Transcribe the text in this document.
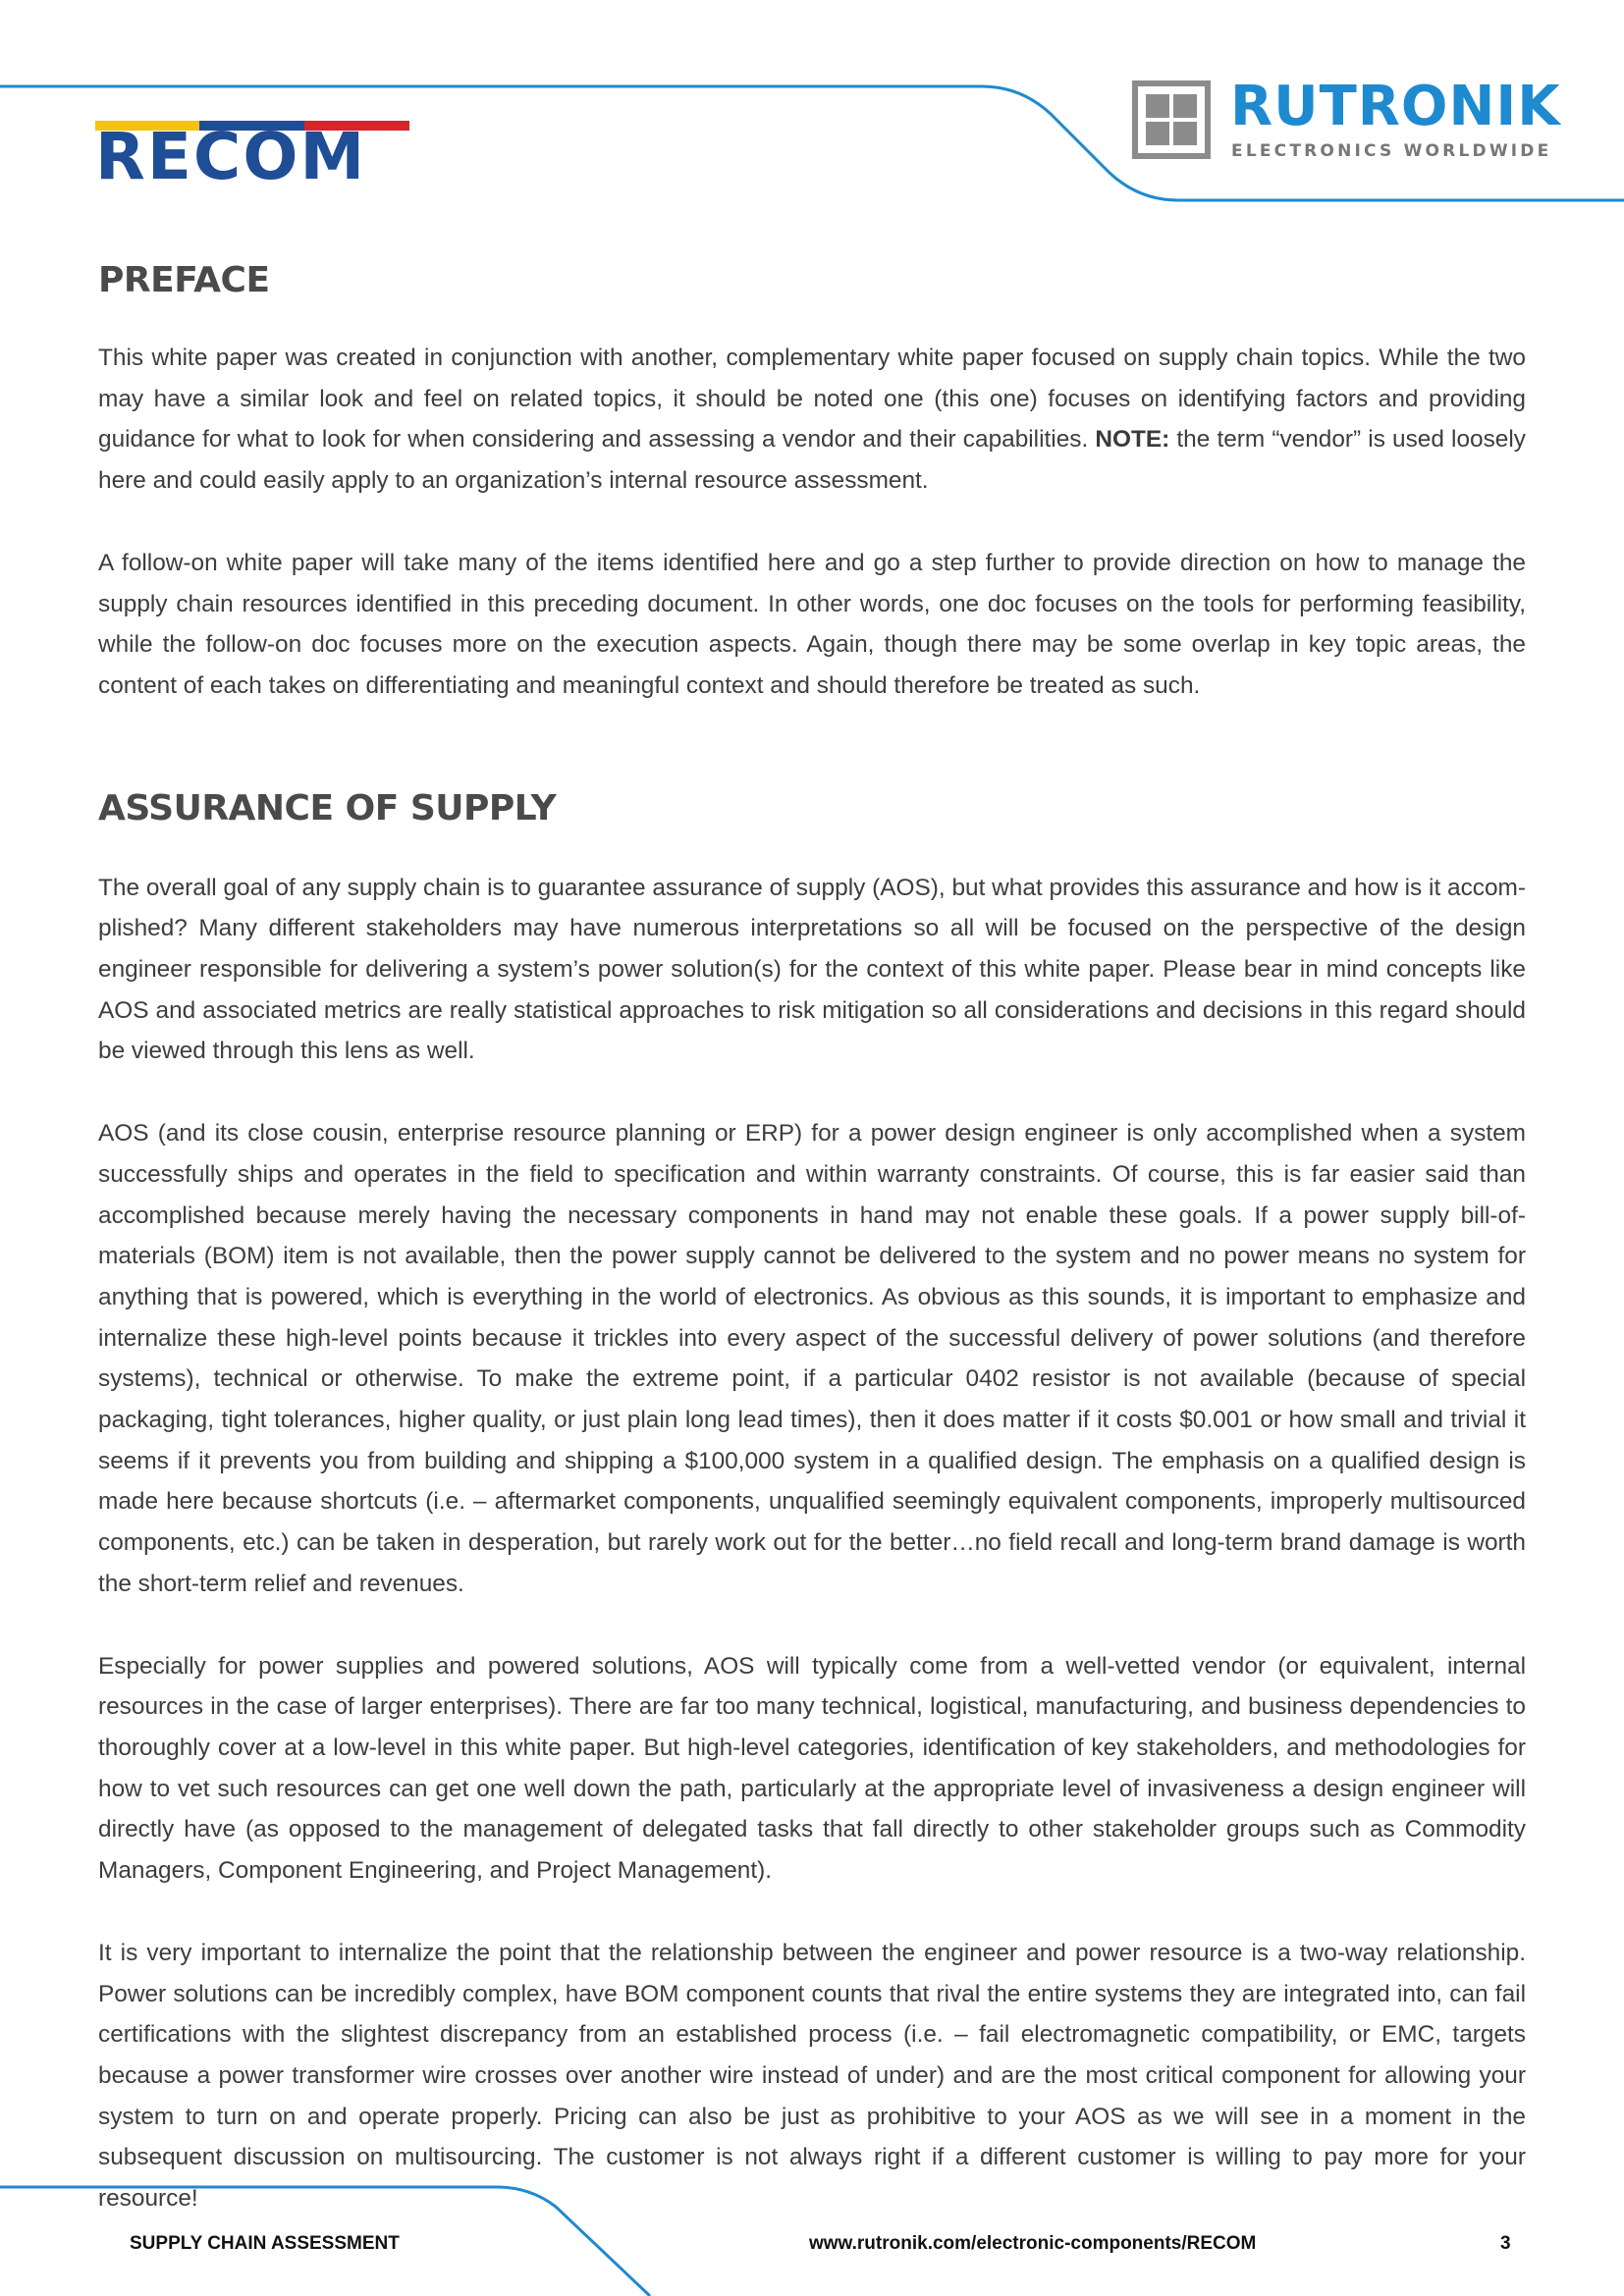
RECOM
RUTRONIK
ELECTRONICS WORLDWIDE
PREFACE

This white paper was created in conjunction with another, complementary white paper focused on supply chain topics. While the two may have a similar look and feel on related topics, it should be noted one (this one) focuses on identifying factors and providing guidance for what to look for when considering and assessing a vendor and their capabilities. NOTE: the term “vendor” is used loosely here and could easily apply to an organization’s internal resource assessment.

A follow-on white paper will take many of the items identified here and go a step further to provide direction on how to manage the supply chain resources identified in this preceding document. In other words, one doc focuses on the tools for performing feasibility, while the follow-on doc focuses more on the execution aspects. Again, though there may be some overlap in key topic areas, the content of each takes on differentiating and meaningful context and should therefore be treated as such.

ASSURANCE OF SUPPLY

The overall goal of any supply chain is to guarantee assurance of supply (AOS), but what provides this assurance and how is it accomplished? Many different stakeholders may have numerous interpretations so all will be focused on the perspective of the design engineer responsible for delivering a system’s power solution(s) for the context of this white paper. Please bear in mind concepts like AOS and associated metrics are really statistical approaches to risk mitigation so all considerations and decisions in this regard should be viewed through this lens as well.

AOS (and its close cousin, enterprise resource planning or ERP) for a power design engineer is only accomplished when a system successfully ships and operates in the field to specification and within warranty constraints. Of course, this is far easier said than accomplished because merely having the necessary components in hand may not enable these goals. If a power supply bill-of-materials (BOM) item is not available, then the power supply cannot be delivered to the system and no power means no system for anything that is powered, which is everything in the world of electronics. As obvious as this sounds, it is important to emphasize and internalize these high-level points because it trickles into every aspect of the successful delivery of power solutions (and therefore systems), technical or otherwise. To make the extreme point, if a particular 0402 resistor is not available (because of special packaging, tight tolerances, higher quality, or just plain long lead times), then it does matter if it costs $0.001 or how small and trivial it seems if it prevents you from building and shipping a $100,000 system in a qualified design. The emphasis on a qualified design is made here because shortcuts (i.e. – aftermarket components, unqualified seemingly equivalent components, improperly multisourced components, etc.) can be taken in desperation, but rarely work out for the better…no field recall and long-term brand damage is worth the short-term relief and revenues.

Especially for power supplies and powered solutions, AOS will typically come from a well-vetted vendor (or equivalent, internal resources in the case of larger enterprises). There are far too many technical, logistical, manufacturing, and business dependencies to thoroughly cover at a low-level in this white paper. But high-level categories, identification of key stakeholders, and methodologies for how to vet such resources can get one well down the path, particularly at the appropriate level of invasiveness a design engineer will directly have (as opposed to the management of delegated tasks that fall directly to other stakeholder groups such as Commodity Managers, Component Engineering, and Project Management).

It is very important to internalize the point that the relationship between the engineer and power resource is a two-way relationship. Power solutions can be incredibly complex, have BOM component counts that rival the entire systems they are integrated into, can fail certifications with the slightest discrepancy from an established process (i.e. – fail electromagnetic compatibility, or EMC, targets because a power transformer wire crosses over another wire instead of under) and are the most critical component for allowing your system to turn on and operate properly. Pricing can also be just as prohibitive to your AOS as we will see in a moment in the subsequent discussion on multisourcing. The customer is not always right if a different customer is willing to pay more for your resource!

SUPPLY CHAIN ASSESSMENT	www.rutronik.com/electronic-components/RECOM	3
